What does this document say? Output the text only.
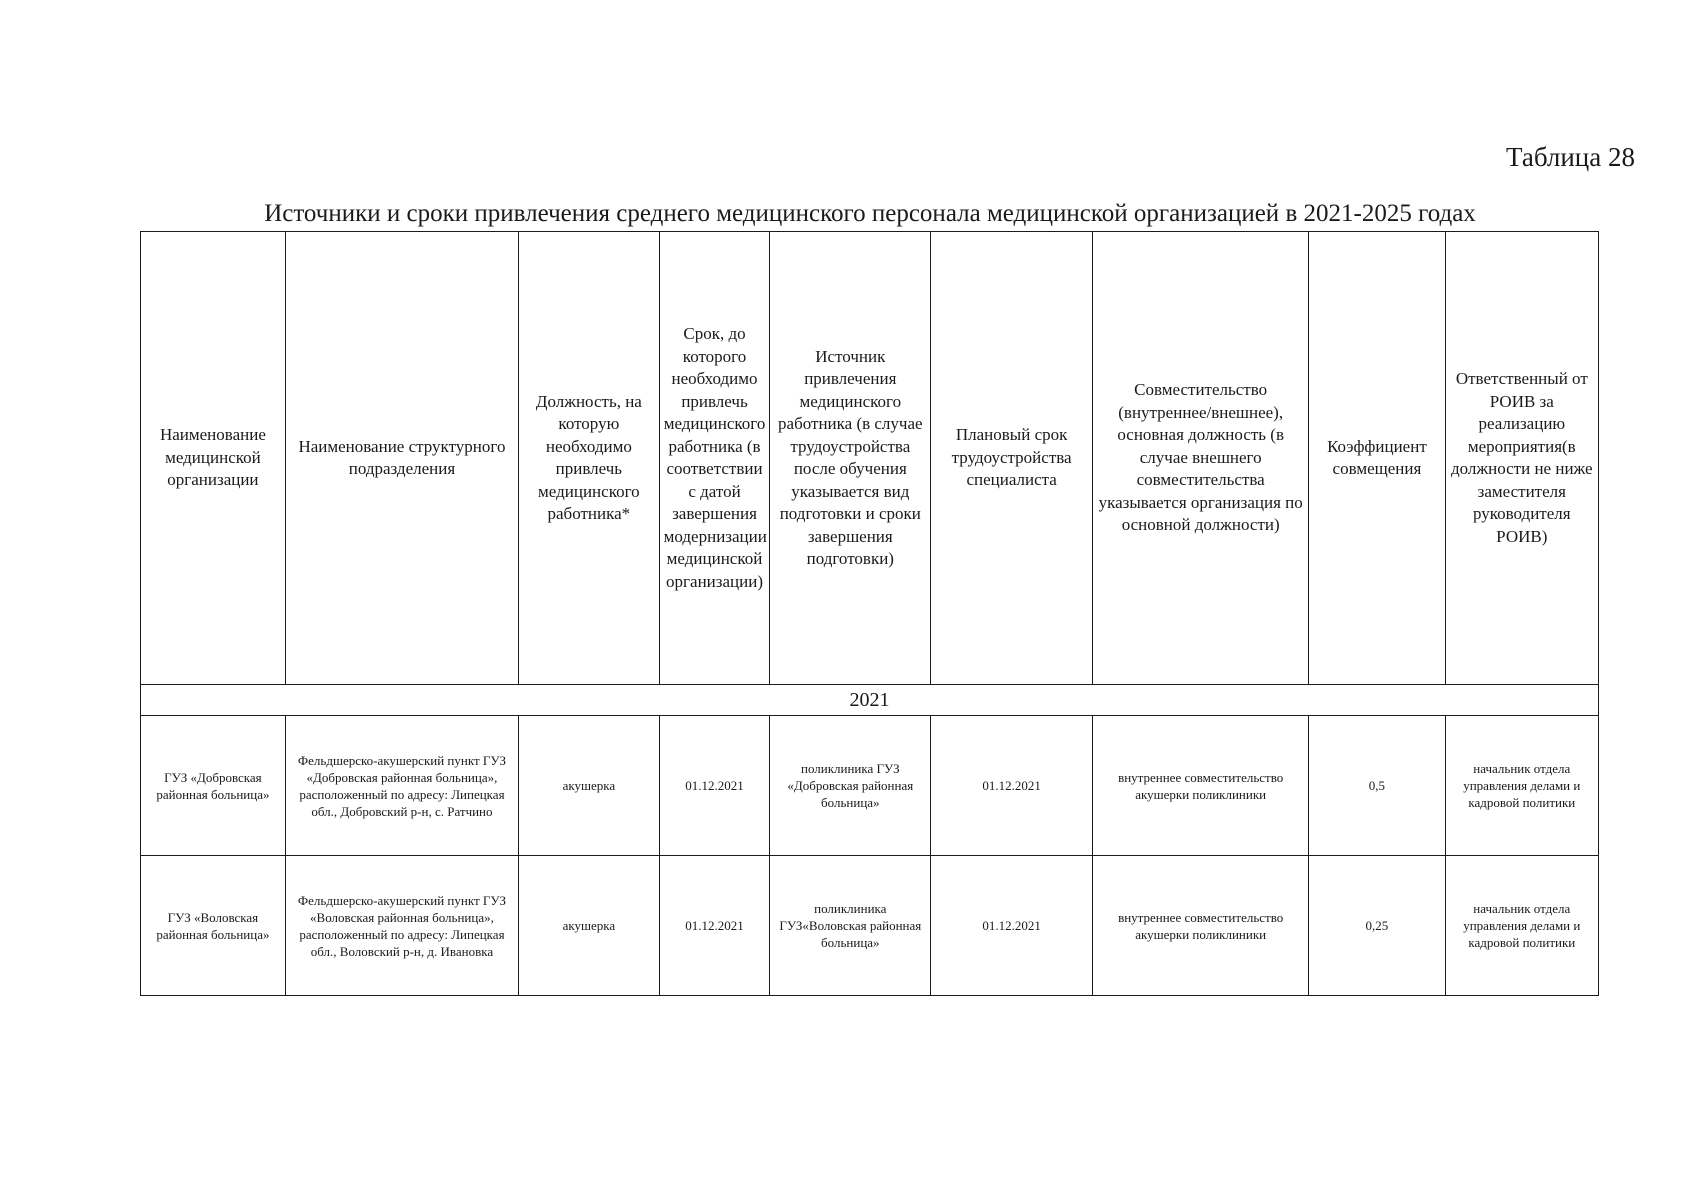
Таблица 28
Источники и сроки привлечения среднего медицинского персонала медицинской организацией в 2021-2025 годах
Наименование медицинской организации	Наименование структурного подразделения	Должность, на которую необходимо привлечь медицинского работника*	Срок, до которого необходимо привлечь медицинского работника (в соответствии с датой завершения модернизации медицинской организации)	Источник привлечения медицинского работника (в случае трудоустройства после обучения указывается вид подготовки и сроки завершения подготовки)	Плановый срок трудоустройства специалиста	Совместительство (внутреннее/внешнее), основная должность (в случае внешнего совместительства указывается организация по основной должности)	Коэффициент совмещения	Ответственный от РОИВ за реализацию мероприятия(в должности не ниже заместителя руководителя РОИВ)
2021								
ГУЗ «Добровская районная больница»	Фельдшерско-акушерский пункт ГУЗ «Добровская районная больница», расположенный по адресу: Липецкая обл., Добровский р-н, с. Ратчино	акушерка	01.12.2021	поликлиника ГУЗ «Добровская районная больница»	01.12.2021	внутреннее совместительство акушерки поликлиники	0,5	начальник отдела управления делами и кадровой политики
ГУЗ «Воловская районная больница»	Фельдшерско-акушерский пункт ГУЗ «Воловская районная больница», расположенный по адресу: Липецкая обл., Воловский р-н, д. Ивановка	акушерка	01.12.2021	поликлиника ГУЗ«Воловская районная больница»	01.12.2021	внутреннее совместительство акушерки поликлиники	0,25	начальник отдела управления делами и кадровой политики
